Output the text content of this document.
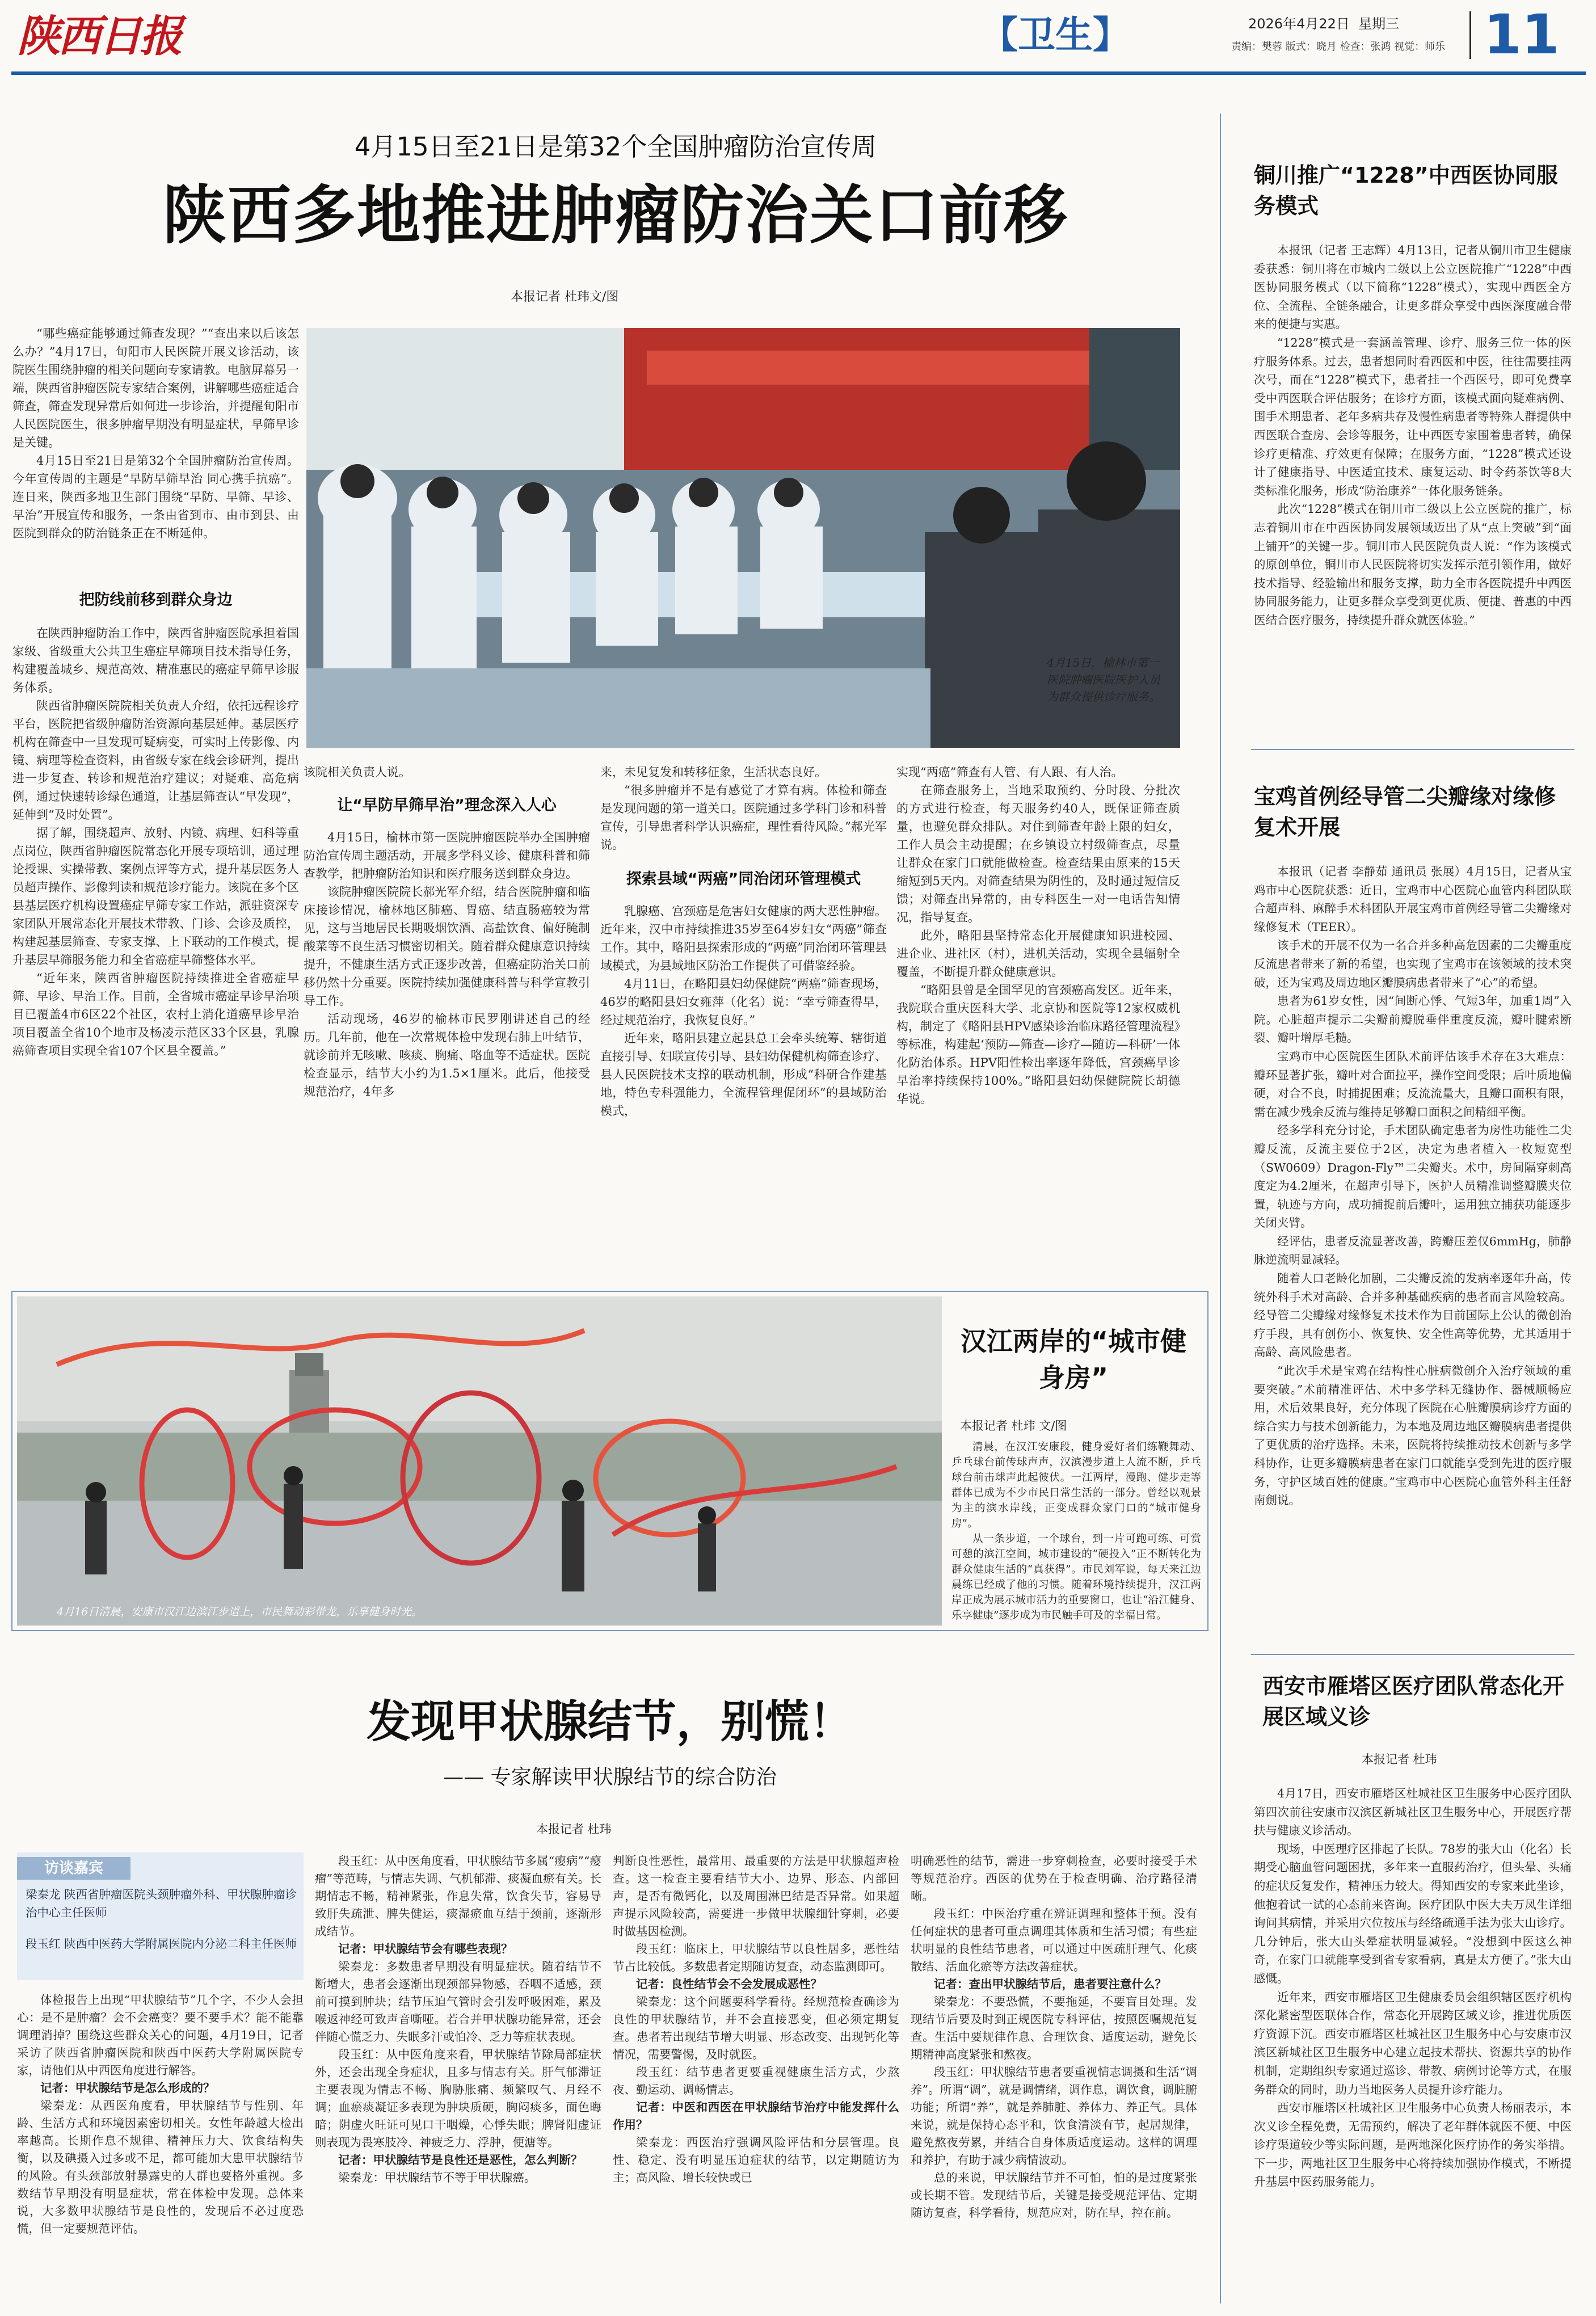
陕西日报	【卫生】	2026年4月22日 星期三
责编：樊蓉 版式：晓月 检查：张鸿 视觉：师乐 11
4月15日至21日是第32个全国肿瘤防治宣传周
陕西多地推进肿瘤防治关口前移
本报记者 杜玮文/图

“哪些癌症能够通过筛查发现？”“查出来以后该怎么办？”4月17日，旬阳市人民医院开展义诊活动，该院医生围绕肿瘤的相关问题向专家请教。电脑屏幕另一端，陕西省肿瘤医院专家结合案例，讲解哪些癌症适合筛查，筛查发现异常后如何进一步诊治，并提醒旬阳市人民医院医生，很多肿瘤早期没有明显症状，早筛早诊是关键。

4月15日至21日是第32个全国肿瘤防治宣传周。今年宣传周的主题是“早防早筛早治 同心携手抗癌”。连日来，陕西多地卫生部门围绕“早防、早筛、早诊、早治”开展宣传和服务，一条由省到市、由市到县、由医院到群众的防治链条正在不断延伸。

把防线前移到群众身边

在陕西肿瘤防治工作中，陕西省肿瘤医院承担着国家级、省级重大公共卫生癌症早筛项目技术指导任务，构建覆盖城乡、规范高效、精准惠民的癌症早筛早诊服务体系。

陕西省肿瘤医院院相关负责人介绍，依托远程诊疗平台，医院把省级肿瘤防治资源向基层延伸。基层医疗机构在筛查中一旦发现可疑病变，可实时上传影像、内镜、病理等检查资料，由省级专家在线会诊研判，提出进一步复查、转诊和规范治疗建议；对疑难、高危病例，通过快速转诊绿色通道，让基层筛查认“早发现”，延伸到“及时处置”。

据了解，围绕超声、放射、内镜、病理、妇科等重点岗位，陕西省肿瘤医院常态化开展专项培训，通过理论授课、实操带教、案例点评等方式，提升基层医务人员超声操作、影像判读和规范诊疗能力。该院在多个区县基层医疗机构设置癌症早筛专家工作站，派驻资深专家团队开展常态化开展技术带教、门诊、会诊及质控，构建起基层筛查、专家支撑、上下联动的工作模式，提升基层早筛服务能力和全省癌症早筛整体水平。

“近年来，陕西省肿瘤医院持续推进全省癌症早筛、早诊、早治工作。目前，全省城市癌症早诊早治项目已覆盖4市6区22个社区，农村上消化道癌早诊早治项目覆盖全省10个地市及杨凌示范区33个区县，乳腺癌筛查项目实现全省107个区县全覆盖。”

4月15日，榆林市第一医院肿瘤医院医护人员为群众提供诊疗服务。

该院相关负责人说。

让“早防早筛早治”理念深入人心

4月15日，榆林市第一医院肿瘤医院举办全国肿瘤防治宣传周主题活动，开展多学科义诊、健康科普和筛查教学，把肿瘤防治知识和医疗服务送到群众身边。

该院肿瘤医院院长郝光军介绍，结合医院肿瘤和临床接诊情况，榆林地区肺癌、胃癌、结直肠癌较为常见，这与当地居民长期吸烟饮酒、高盐饮食、偏好腌制酸菜等不良生活习惯密切相关。随着群众健康意识持续提升，不健康生活方式正逐步改善，但癌症防治关口前移仍然十分重要。医院持续加强健康科普与科学宣教引导工作。

活动现场，46岁的榆林市民罗刚讲述自己的经历。几年前，他在一次常规体检中发现右肺上叶结节，就诊前并无咳嗽、咳痰、胸痛、咯血等不适症状。医院检查显示，结节大小约为1.5×1厘米。此后，他接受规范治疗，4年多

来，未见复发和转移征象，生活状态良好。

“很多肿瘤并不是有感觉了才算有病。体检和筛查是发现问题的第一道关口。医院通过多学科门诊和科普宣传，引导患者科学认识癌症，理性看待风险。”郝光军说。

探索县域“两癌”同治闭环管理模式

乳腺癌、宫颈癌是危害妇女健康的两大恶性肿瘤。近年来，汉中市持续推进35岁至64岁妇女“两癌”筛查工作。其中，略阳县探索形成的“两癌”同治闭环管理县域模式，为县域地区防治工作提供了可借鉴经验。

4月11日，在略阳县妇幼保健院“两癌”筛查现场，46岁的略阳县妇女雍萍（化名）说：“幸亏筛查得早，经过规范治疗，我恢复良好。”

近年来，略阳县建立起县总工会牵头统筹、辖街道直接引导、妇联宣传引导、县妇幼保健机构筛查诊疗、县人民医院技术支撑的联动机制，形成“科研合作建基地，特色专科强能力，全流程管理促闭环”的县域防治模式，

实现“两癌”筛查有人管、有人跟、有人治。

在筛查服务上，当地采取预约、分时段、分批次的方式进行检查，每天服务约40人，既保证筛查质量，也避免群众排队。对住到筛查年龄上限的妇女，工作人员会主动提醒；在乡镇设立村级筛查点，尽量让群众在家门口就能做检查。检查结果由原来的15天缩短到5天内。对筛查结果为阴性的，及时通过短信反馈；对筛查出异常的，由专科医生一对一电话告知情况，指导复查。

此外，略阳县坚持常态化开展健康知识进校园、进企业、进社区（村），进机关活动，实现全县辐射全覆盖，不断提升群众健康意识。

“略阳县曾是全国罕见的宫颈癌高发区。近年来，我院联合重庆医科大学、北京协和医院等12家权威机构，制定了《略阳县HPV感染诊治临床路径管理流程》等标准，构建起‘预防—筛查—诊疗—随访—科研’一体化防治体系。HPV阳性检出率逐年降低，宫颈癌早诊早治率持续保持100%。”略阳县妇幼保健院院长胡德华说。

铜川推广“1228”中西医协同服务模式

本报讯（记者 王志辉）4月13日，记者从铜川市卫生健康委获悉：铜川将在市城内二级以上公立医院推广“1228”中西医协同服务模式（以下简称“1228”模式），实现中西医全方位、全流程、全链条融合，让更多群众享受中西医深度融合带来的便捷与实惠。

“1228”模式是一套涵盖管理、诊疗、服务三位一体的医疗服务体系。过去，患者想同时看西医和中医，往往需要挂两次号，而在“1228”模式下，患者挂一个西医号，即可免费享受中西医联合评估服务；在诊疗方面，该模式面向疑难病例、围手术期患者、老年多病共存及慢性病患者等特殊人群提供中西医联合查房、会诊等服务，让中西医专家围着患者转，确保诊疗更精准、疗效更有保障；在服务方面，“1228”模式还设计了健康指导、中医适宜技术、康复运动、时令药茶饮等8大类标准化服务，形成“防治康养”一体化服务链条。

此次“1228”模式在铜川市二级以上公立医院的推广，标志着铜川市在中西医协同发展领域迈出了从“点上突破”到“面上铺开”的关键一步。铜川市人民医院负责人说：“作为该模式的原创单位，铜川市人民医院将切实发挥示范引领作用，做好技术指导、经验输出和服务支撑，助力全市各医院提升中西医协同服务能力，让更多群众享受到更优质、便捷、普惠的中西医结合医疗服务，持续提升群众就医体验。”

宝鸡首例经导管二尖瓣缘对缘修复术开展

本报讯（记者 李静茹 通讯员 张展）4月15日，记者从宝鸡市中心医院获悉：近日，宝鸡市中心医院心血管内科团队联合超声科、麻醉手术科团队开展宝鸡市首例经导管二尖瓣缘对缘修复术（TEER）。

该手术的开展不仅为一名合并多种高危因素的二尖瓣重度反流患者带来了新的希望，也实现了宝鸡市在该领域的技术突破，还为宝鸡及周边地区瓣膜病患者带来了“心”的希望。

患者为61岁女性，因“间断心悸、气短3年，加重1周”入院。心脏超声提示二尖瓣前瓣脱垂伴重度反流，瓣叶腱索断裂、瓣叶增厚毛糙。

宝鸡市中心医院医生团队术前评估该手术存在3大难点：瓣环显著扩张，瓣叶对合面拉平，操作空间受限；后叶质地偏硬，对合不良，时捕捉困难；反流流量大，且瓣口面积有限，需在减少残余反流与维持足够瓣口面积之间精细平衡。

经多学科充分讨论，手术团队确定患者为房性功能性二尖瓣反流，反流主要位于2区，决定为患者植入一枚短宽型（SW0609）Dragon-Fly™二尖瓣夹。术中，房间隔穿刺高度定为4.2厘米，在超声引导下，医护人员精准调整瓣膜夹位置，轨迹与方向，成功捕捉前后瓣叶，运用独立捕获功能逐步关闭夹臂。

经评估，患者反流显著改善，跨瓣压差仅6mmHg，肺静脉逆流明显减轻。

随着人口老龄化加剧，二尖瓣反流的发病率逐年升高，传统外科手术对高龄、合并多种基础疾病的患者而言风险较高。经导管二尖瓣缘对缘修复术技术作为目前国际上公认的微创治疗手段，具有创伤小、恢复快、安全性高等优势，尤其适用于高龄、高风险患者。

“此次手术是宝鸡在结构性心脏病微创介入治疗领域的重要突破。”术前精准评估、术中多学科无缝协作、器械顺畅应用，术后效果良好，充分体现了医院在心脏瓣膜病诊疗方面的综合实力与技术创新能力，为本地及周边地区瓣膜病患者提供了更优质的治疗选择。未来，医院将持续推动技术创新与多学科协作，让更多瓣膜病患者在家门口就能享受到先进的医疗服务，守护区域百姓的健康。”宝鸡市中心医院心血管外科主任舒南劍说。

西安市雁塔区医疗团队常态化开展区域义诊
本报记者 杜玮

4月17日，西安市雁塔区杜城社区卫生服务中心医疗团队第四次前往安康市汉滨区新城社区卫生服务中心，开展医疗帮扶与健康义诊活动。

现场，中医理疗区排起了长队。78岁的张大山（化名）长期受心脑血管问题困扰，多年来一直服药治疗，但头晕、头痛的症状反复发作，精神压力较大。得知西安的专家来此坐诊，他抱着试一试的心态前来咨询。医疗团队中医大夫万凤生详细询问其病情，并采用穴位按压与经络疏通手法为张大山诊疗。几分钟后，张大山头晕症状明显减轻。“没想到中医这么神奇，在家门口就能享受到省专家看病，真是太方便了。”张大山感慨。

近年来，西安市雁塔区卫生健康委员会组织辖区医疗机构深化紧密型医联体合作，常态化开展跨区域义诊，推进优质医疗资源下沉。西安市雁塔区杜城社区卫生服务中心与安康市汉滨区新城社区卫生服务中心建立起技术帮扶、资源共享的协作机制，定期组织专家通过巡诊、带教、病例讨论等方式，在服务群众的同时，助力当地医务人员提升诊疗能力。

西安市雁塔区杜城社区卫生服务中心负责人杨丽表示，本次义诊全程免费，无需预约，解决了老年群体就医不便、中医诊疗渠道较少等实际问题，是两地深化医疗协作的务实举措。下一步，两地社区卫生服务中心将持续加强协作模式，不断提升基层中医药服务能力。

4月16日清晨，安康市汉江边滨江步道上，市民舞动彩带龙，乐享健身时光。
汉江两岸的“城市健身房”
本报记者 杜玮 文/图

清晨，在汉江安康段，健身爱好者们练鞭舞动、乒乓球台前传球声声，汉滨漫步道上人流不断，乒乓球台前击球声此起彼伏。一江两岸，漫跑、健步走等群体已成为不少市民日常生活的一部分。曾经以观景为主的滨水岸线，正变成群众家门口的“城市健身房”。

从一条步道，一个球台，到一片可跑可练、可赏可憩的滨江空间，城市建设的“硬投入”正不断转化为群众健康生活的“真获得”。市民刘军说，每天来江边晨练已经成了他的习惯。随着环境持续提升，汉江两岸正成为展示城市活力的重要窗口，也让“沿江健身、乐享健康”逐步成为市民触手可及的幸福日常。

发现甲状腺结节，别慌！
—— 专家解读甲状腺结节的综合防治
本报记者 杜玮
访谈嘉宾
梁秦龙 陕西省肿瘤医院头颈肿瘤外科、甲状腺肿瘤诊治中心主任医师
段玉红 陕西中医药大学附属医院内分泌二科主任医师

体检报告上出现“甲状腺结节”几个字，不少人会担心：是不是肿瘤？会不会癌变？要不要手术？能不能靠调理消掉？围绕这些群众关心的问题，4月19日，记者采访了陕西省肿瘤医院和陕西中医药大学附属医院专家，请他们从中西医角度进行解答。

记者：甲状腺结节是怎么形成的？

梁秦龙：从西医角度看，甲状腺结节与性别、年龄、生活方式和环境因素密切相关。女性年龄越大检出率越高。长期作息不规律、精神压力大、饮食结构失衡，以及碘摄入过多或不足，都可能加大患甲状腺结节的风险。有头颈部放射暴露史的人群也要格外重视。多数结节早期没有明显症状，常在体检中发现。总体来说，大多数甲状腺结节是良性的，发现后不必过度恐慌，但一定要规范评估。

段玉红：从中医角度看，甲状腺结节多属“瘿病”“瘿瘤”等范畴，与情志失调、气机郁滞、痰凝血瘀有关。长期情志不畅，精神紧张，作息失常，饮食失节，容易导致肝失疏泄、脾失健运，痰湿瘀血互结于颈前，逐渐形成结节。

记者：甲状腺结节会有哪些表现？

梁秦龙：多数患者早期没有明显症状。随着结节不断增大，患者会逐渐出现颈部异物感，吞咽不适感，颈前可摸到肿块；结节压迫气管时会引发呼吸困难，累及喉返神经可致声音嘶哑。若合并甲状腺功能异常，还会伴随心慌乏力、失眠多汗或怕冷、乏力等症状表现。

段玉红：从中医角度来看，甲状腺结节除局部症状外，还会出现全身症状，且多与情志有关。肝气郁滞证主要表现为情志不畅、胸胁胀痛、频繁叹气、月经不调；血瘀痰凝证多表现为肿块质硬，胸闷痰多，面色晦暗；阴虚火旺证可见口干咽燥，心悸失眠；脾肾阳虚证则表现为畏寒肢冷、神疲乏力、浮肿，便溏等。

记者：甲状腺结节是良性还是恶性，怎么判断？

梁秦龙：甲状腺结节不等于甲状腺癌。

判断良性恶性，最常用、最重要的方法是甲状腺超声检查。这一检查主要看结节大小、边界、形态、内部回声，是否有微钙化，以及周围淋巴结是否异常。如果超声提示风险较高，需要进一步做甲状腺细针穿刺，必要时做基因检测。

段玉红：临床上，甲状腺结节以良性居多，恶性结节占比较低。多数患者定期随访复查，动态监测即可。

记者：良性结节会不会发展成恶性？

梁秦龙：这个问题要科学看待。经规范检查确诊为良性的甲状腺结节，并不会直接恶变，但必须定期复查。患者若出现结节增大明显、形态改变、出现钙化等情况，需要警惕，及时就医。

段玉红：结节患者更要重视健康生活方式，少熬夜、勤运动、调畅情志。

记者：中医和西医在甲状腺结节治疗中能发挥什么作用？

梁秦龙：西医治疗强调风险评估和分层管理。良性、稳定、没有明显压迫症状的结节，以定期随访为主；高风险、增长较快或已

明确恶性的结节，需进一步穿刺检查，必要时接受手术等规范治疗。西医的优势在于检查明确、治疗路径清晰。

段玉红：中医治疗重在辨证调理和整体干预。没有任何症状的患者可重点调理其体质和生活习惯；有些症状明显的良性结节患者，可以通过中医疏肝理气、化痰散结、活血化瘀等方法改善症状。

记者：查出甲状腺结节后，患者要注意什么？

梁秦龙：不要恐慌，不要拖延，不要盲目处理。发现结节后要及时到正规医院专科评估，按照医嘱规范复查。生活中要规律作息、合理饮食、适度运动，避免长期精神高度紧张和熬夜。

段玉红：甲状腺结节患者要重视情志调摄和生活“调养”。所谓“调”，就是调情绪，调作息，调饮食，调脏腑功能；所谓“养”，就是养肺脏、养体力、养正气。具体来说，就是保持心态平和，饮食清淡有节，起居规律，避免熬夜劳累，并结合自身体质适度运动。这样的调理和养护，有助于减少病情波动。

总的来说，甲状腺结节并不可怕，怕的是过度紧张或长期不管。发现结节后，关键是接受规范评估、定期随访复查，科学看待，规范应对，防在早，控在前。
